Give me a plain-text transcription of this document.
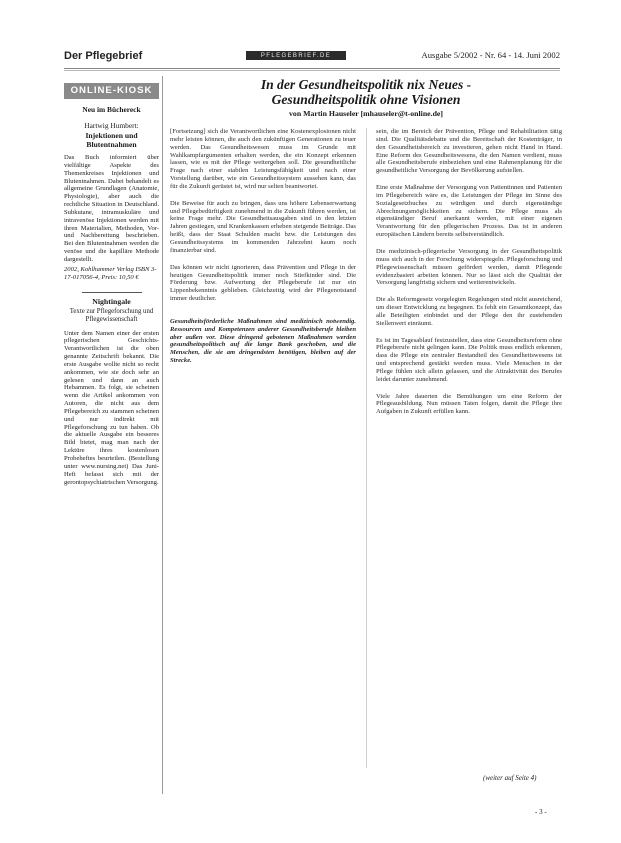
Der Pflegebrief	PFLEGEBRIEF.DE	Ausgabe 5/2002 - Nr. 64 - 14. Juni 2002
ONLINE-KIOSK
Neu im Büchereck
Hartwig Humbert:
Injektionen und Blutentnahmen
Das Buch informiert über vielfältige Aspekte des Themenkreises Injektionen und Blutentnahmen. Dabei behandelt es allgemeine Grundlagen (Anatomie, Physiologie), aber auch die rechtliche Situation in Deutschland. Subkutane, intramuskuläre und intravenöse Injektionen werden mit ihren Materialien, Methoden, Vor- und Nachbereitung beschrieben. Bei den Blutentnahmen werden die venöse und die kapilläre Methode dargestellt.
2002, Kohlhammer Verlag ISBN 3-17-017056-4, Preis: 10,50 €
Nightingale
Texte zur Pflegeforschung und Pflegewissenschaft
Unter dem Namen einer der ersten pflegerischen Geschichts-Verantwortlichen ist die oben genannte Zeitschrift bekannt. Die erste Ausgabe wollte nicht so recht ankommen, wie sie doch sehr an gelesen und dann an auch Hebammen. Es folgt, sie scheinen wenn die Artikel ankommen von Autoren, die nicht aus dem Pflegebereich zu stammen scheinen und nur indirekt mit Pflegeforschung zu tun haben. Ob die aktuelle Ausgabe ein besseres Bild bietet, mag man nach der Lektüre ihres kostenlosen Probeheftes beurteilen. (Bestellung unter www.nursing.net) Das Juni-Heft befasst sich mit der gerontopsychiatrischen Versorgung.
In der Gesundheitspolitik nix Neues -
Gesundheitspolitik ohne Visionen
von Martin Hauseler [mhauseler@t-online.de]

[Fortsetzung] sich die Verantwortlichen eine Kostenexplosionen nicht mehr leisten können, die auch den zukünftigen Generationen zu teuer werden. Das Gesundheitswesen muss im Grunde mit Wahlkampfargumenten erhalten werden, die ein Konzept erkennen lassen, wie es mit der Pflege weitergehen soll. Die gesundheitliche Frage nach einer stabilen Leistungsfähigkeit und nach einer Vorstellung darüber, wie ein Gesundheitssystem aussehen kann, das für die Zukunft gerüstet ist, wird nur selten beantwortet.

Die Beweise für auch zu bringen, dass uns höhere Lebenserwartung und Pflegebedürftigkeit zunehmend in die Zukunft führen werden, ist keine Frage mehr. Die Gesundheitsausgaben sind in den letzten Jahren gestiegen, und Krankenkassen erheben steigende Beiträge. Das heißt, dass der Staat Schulden macht bzw. die Leistungen des Gesundheitssystems im kommenden Jahrzehnt kaum noch finanzierbar sind.

Das können wir nicht ignorieren, dass Prävention und Pflege in der heutigen Gesundheitspolitik immer noch Stiefkinder sind. Die Förderung bzw. Aufwertung der Pflegeberufe ist nur ein Lippenbekenntnis geblieben. Gleichzeitig wird der Pflegenotstand immer deutlicher.

Gesundheitsförderliche Maßnahmen sind medizinisch notwendig. Ressourcen und Kompetenzen anderer Gesundheitsberufe bleiben aber außen vor. Diese dringend gebotenen Maßnahmen werden gesundheitspolitisch auf die lange Bank geschoben, und die Menschen, die sie am dringendsten benötigen, bleiben auf der Strecke.

sein, die im Bereich der Prävention, Pflege und Rehabilitation tätig sind. Die Qualitätsdebatte und die Bereitschaft der Kostenträger, in den Gesundheitsbereich zu investieren, gehen nicht Hand in Hand. Eine Reform des Gesundheitswesens, die den Namen verdient, muss alle Gesundheitsberufe einbeziehen und eine Rahmenplanung für die gesundheitliche Versorgung der Bevölkerung aufstellen.

Eine erste Maßnahme der Versorgung von Patientinnen und Patienten im Pflegebereich wäre es, die Leistungen der Pflege im Sinne des Sozialgesetzbuches zu würdigen und durch eigenständige Abrechnungsmöglichkeiten zu sichern. Die Pflege muss als eigenständiger Beruf anerkannt werden, mit einer eigenen Verantwortung für den pflegerischen Prozess. Das ist in anderen europäischen Ländern bereits selbstverständlich.

Die medizinisch-pflegerische Versorgung in der Gesundheitspolitik muss sich auch in der Forschung widerspiegeln. Pflegeforschung und Pflegewissenschaft müssen gefördert werden, damit Pflegende evidenzbasiert arbeiten können. Nur so lässt sich die Qualität der Versorgung langfristig sichern und weiterentwickeln.

Die als Reformgesetz vorgelegten Regelungen sind nicht ausreichend, um dieser Entwicklung zu begegnen. Es fehlt ein Gesamtkonzept, das alle Beteiligten einbindet und der Pflege den ihr zustehenden Stellenwert einräumt.

Es ist im Tagesablauf festzustellen, dass eine Gesundheitsreform ohne Pflegeberufe nicht gelingen kann. Die Politik muss endlich erkennen, dass die Pflege ein zentraler Bestandteil des Gesundheitswesens ist und entsprechend gestärkt werden muss. Viele Menschen in der Pflege fühlen sich allein gelassen, und die Attraktivität des Berufes leidet darunter zunehmend.

Viele Jahre dauerten die Bemühungen um eine Reform der Pflegeausbildung. Nun müssen Taten folgen, damit die Pflege ihre Aufgaben in Zukunft erfüllen kann.

(weiter auf Seite 4)
- 3 -
